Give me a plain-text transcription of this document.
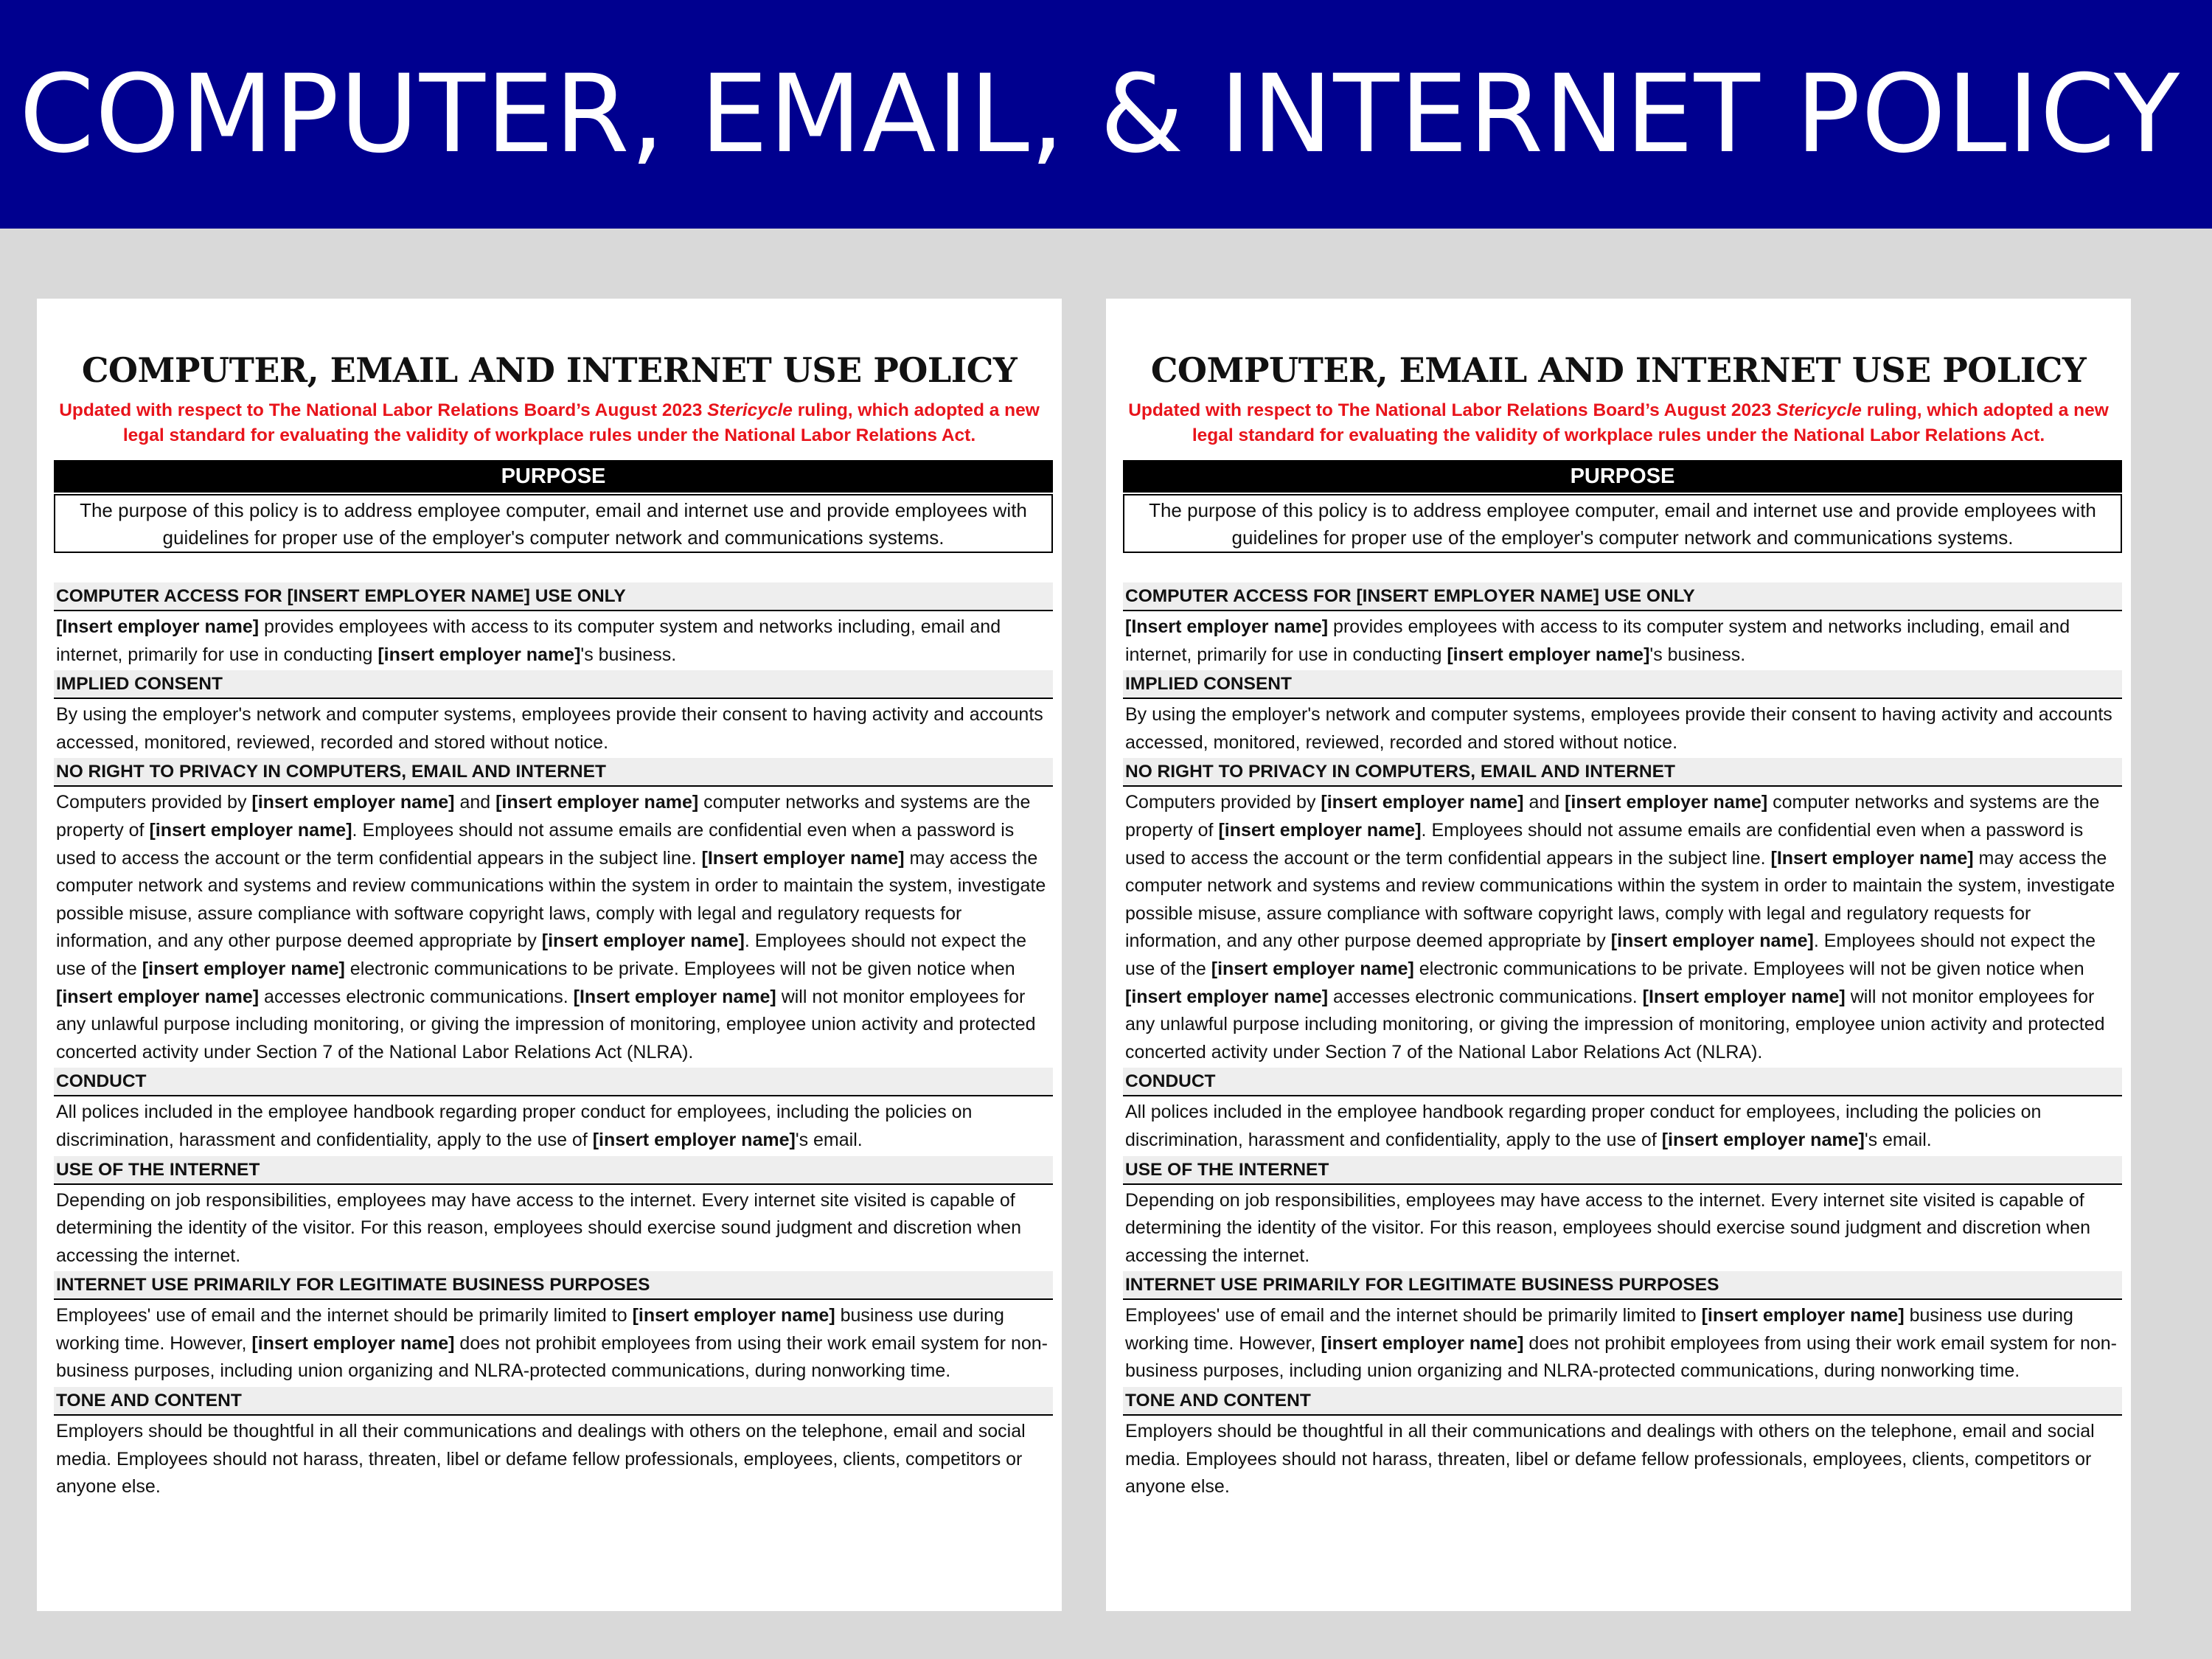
COMPUTER, EMAIL, & INTERNET POLICY
COMPUTER, EMAIL AND INTERNET USE POLICY
Updated with respect to The National Labor Relations Board’s August 2023 Stericycle ruling, which adopted a new legal standard for evaluating the validity of workplace rules under the National Labor Relations Act.
PURPOSE
The purpose of this policy is to address employee computer, email and internet use and provide employees with guidelines for proper use of the employer's computer network and communications systems.
COMPUTER ACCESS FOR [INSERT EMPLOYER NAME] USE ONLY
[Insert employer name] provides employees with access to its computer system and networks including, email and internet, primarily for use in conducting [insert employer name]'s business.
IMPLIED CONSENT
By using the employer's network and computer systems, employees provide their consent to having activity and accounts accessed, monitored, reviewed, recorded and stored without notice.
NO RIGHT TO PRIVACY IN COMPUTERS, EMAIL AND INTERNET
Computers provided by [insert employer name] and [insert employer name] computer networks and systems are the property of [insert employer name]. Employees should not assume emails are confidential even when a password is used to access the account or the term confidential appears in the subject line. [Insert employer name] may access the computer network and systems and review communications within the system in order to maintain the system, investigate possible misuse, assure compliance with software copyright laws, comply with legal and regulatory requests for information, and any other purpose deemed appropriate by [insert employer name]. Employees should not expect the use of the [insert employer name] electronic communications to be private. Employees will not be given notice when [insert employer name] accesses electronic communications. [Insert employer name] will not monitor employees for any unlawful purpose including monitoring, or giving the impression of monitoring, employee union activity and protected concerted activity under Section 7 of the National Labor Relations Act (NLRA).
CONDUCT
All polices included in the employee handbook regarding proper conduct for employees, including the policies on discrimination, harassment and confidentiality, apply to the use of [insert employer name]'s email.
USE OF THE INTERNET
Depending on job responsibilities, employees may have access to the internet. Every internet site visited is capable of determining the identity of the visitor. For this reason, employees should exercise sound judgment and discretion when accessing the internet.
INTERNET USE PRIMARILY FOR LEGITIMATE BUSINESS PURPOSES
Employees' use of email and the internet should be primarily limited to [insert employer name] business use during working time. However, [insert employer name] does not prohibit employees from using their work email system for non-business purposes, including union organizing and NLRA-protected communications, during nonworking time.
TONE AND CONTENT
Employers should be thoughtful in all their communications and dealings with others on the telephone, email and social media. Employees should not harass, threaten, libel or defame fellow professionals, employees, clients, competitors or anyone else.
COMPUTER, EMAIL AND INTERNET USE POLICY
Updated with respect to The National Labor Relations Board’s August 2023 Stericycle ruling, which adopted a new legal standard for evaluating the validity of workplace rules under the National Labor Relations Act.
PURPOSE
The purpose of this policy is to address employee computer, email and internet use and provide employees with guidelines for proper use of the employer's computer network and communications systems.
COMPUTER ACCESS FOR [INSERT EMPLOYER NAME] USE ONLY
[Insert employer name] provides employees with access to its computer system and networks including, email and internet, primarily for use in conducting [insert employer name]'s business.
IMPLIED CONSENT
By using the employer's network and computer systems, employees provide their consent to having activity and accounts accessed, monitored, reviewed, recorded and stored without notice.
NO RIGHT TO PRIVACY IN COMPUTERS, EMAIL AND INTERNET
Computers provided by [insert employer name] and [insert employer name] computer networks and systems are the property of [insert employer name]. Employees should not assume emails are confidential even when a password is used to access the account or the term confidential appears in the subject line. [Insert employer name] may access the computer network and systems and review communications within the system in order to maintain the system, investigate possible misuse, assure compliance with software copyright laws, comply with legal and regulatory requests for information, and any other purpose deemed appropriate by [insert employer name]. Employees should not expect the use of the [insert employer name] electronic communications to be private. Employees will not be given notice when [insert employer name] accesses electronic communications. [Insert employer name] will not monitor employees for any unlawful purpose including monitoring, or giving the impression of monitoring, employee union activity and protected concerted activity under Section 7 of the National Labor Relations Act (NLRA).
CONDUCT
All polices included in the employee handbook regarding proper conduct for employees, including the policies on discrimination, harassment and confidentiality, apply to the use of [insert employer name]'s email.
USE OF THE INTERNET
Depending on job responsibilities, employees may have access to the internet. Every internet site visited is capable of determining the identity of the visitor. For this reason, employees should exercise sound judgment and discretion when accessing the internet.
INTERNET USE PRIMARILY FOR LEGITIMATE BUSINESS PURPOSES
Employees' use of email and the internet should be primarily limited to [insert employer name] business use during working time. However, [insert employer name] does not prohibit employees from using their work email system for non-business purposes, including union organizing and NLRA-protected communications, during nonworking time.
TONE AND CONTENT
Employers should be thoughtful in all their communications and dealings with others on the telephone, email and social media. Employees should not harass, threaten, libel or defame fellow professionals, employees, clients, competitors or anyone else.
